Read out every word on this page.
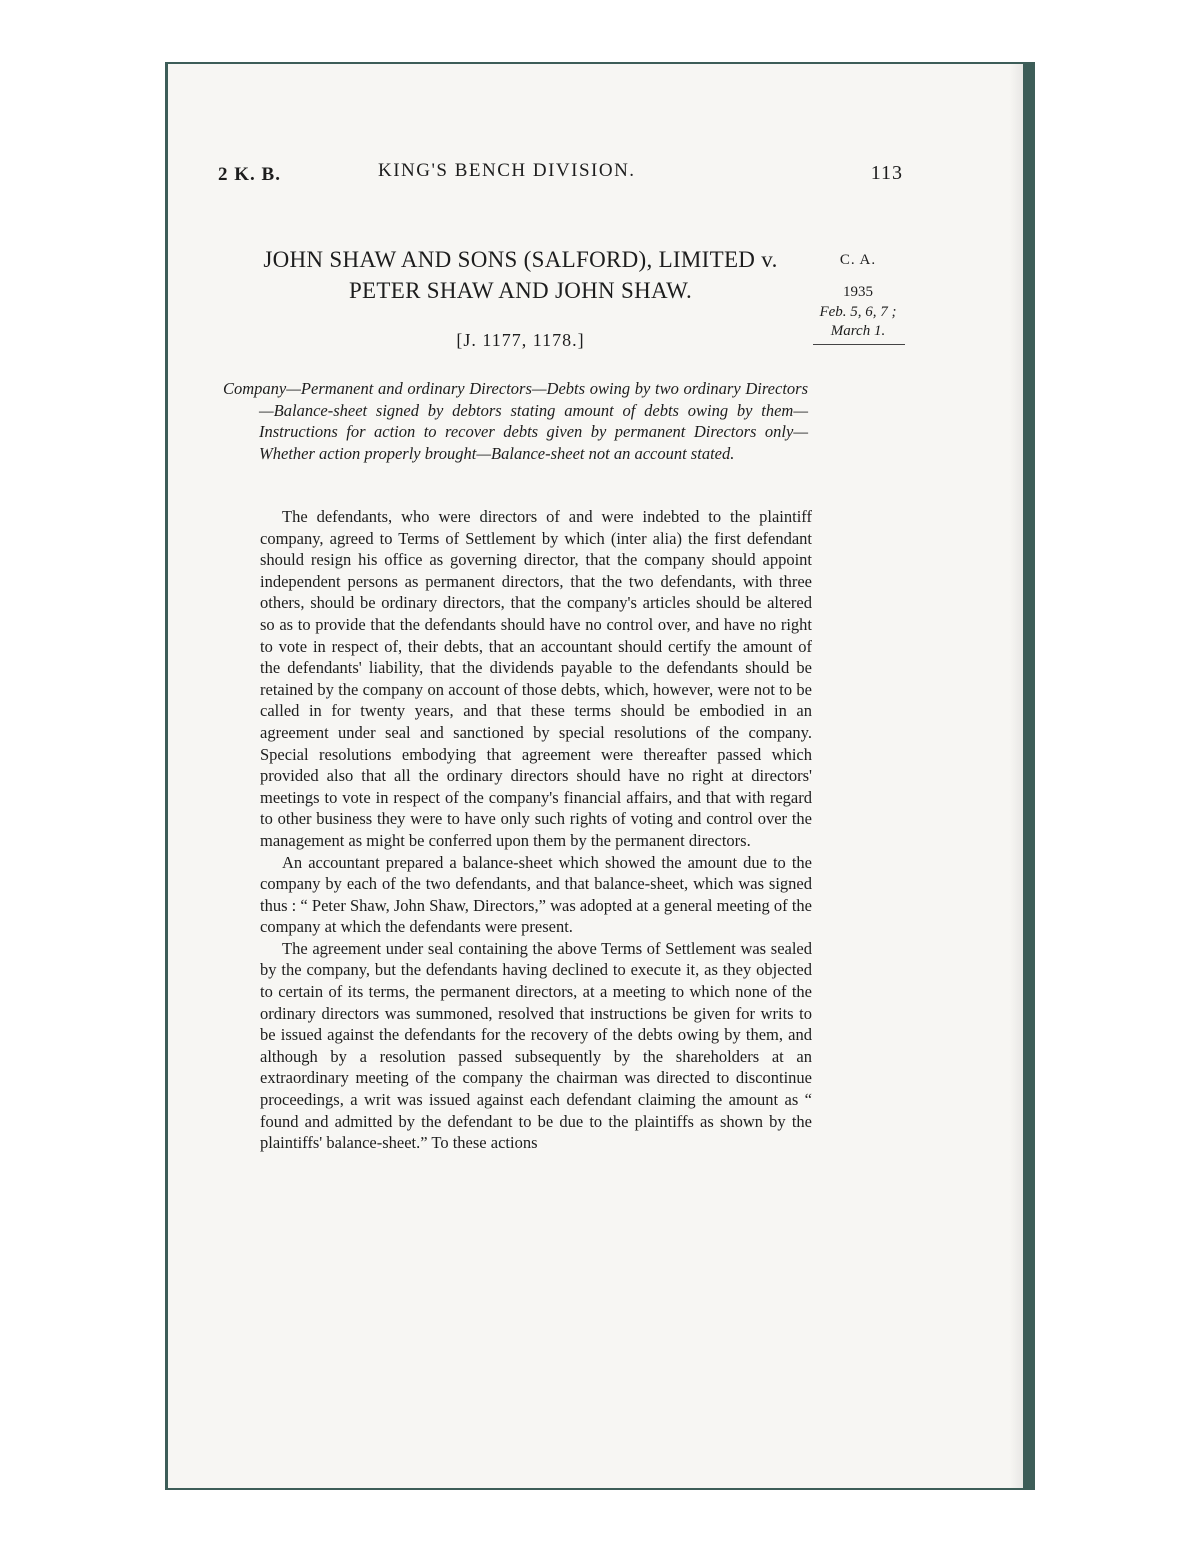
2 K. B.	KING'S BENCH DIVISION.	113
JOHN SHAW AND SONS (SALFORD), LIMITED v.
PETER SHAW AND JOHN SHAW.
[J. 1177, 1178.]
C. A.
1935
Feb. 5, 6, 7 ;
March 1.

Company—Permanent and ordinary Directors—Debts owing by two ordinary Directors—Balance-sheet signed by debtors stating amount of debts owing by them—Instructions for action to recover debts given by permanent Directors only—Whether action properly brought—Balance-sheet not an account stated.

The defendants, who were directors of and were indebted to the plaintiff company, agreed to Terms of Settlement by which (inter alia) the first defendant should resign his office as governing director, that the company should appoint independent persons as permanent directors, that the two defendants, with three others, should be ordinary directors, that the company's articles should be altered so as to provide that the defendants should have no control over, and have no right to vote in respect of, their debts, that an accountant should certify the amount of the defendants' liability, that the dividends payable to the defendants should be retained by the company on account of those debts, which, however, were not to be called in for twenty years, and that these terms should be embodied in an agreement under seal and sanctioned by special resolutions of the company. Special resolutions embodying that agreement were thereafter passed which provided also that all the ordinary directors should have no right at directors' meetings to vote in respect of the company's financial affairs, and that with regard to other business they were to have only such rights of voting and control over the management as might be conferred upon them by the permanent directors.

An accountant prepared a balance-sheet which showed the amount due to the company by each of the two defendants, and that balance-sheet, which was signed thus : “ Peter Shaw, John Shaw, Directors,” was adopted at a general meeting of the company at which the defendants were present.

The agreement under seal containing the above Terms of Settlement was sealed by the company, but the defendants having declined to execute it, as they objected to certain of its terms, the permanent directors, at a meeting to which none of the ordinary directors was summoned, resolved that instructions be given for writs to be issued against the defendants for the recovery of the debts owing by them, and although by a resolution passed subsequently by the shareholders at an extraordinary meeting of the company the chairman was directed to discontinue proceedings, a writ was issued against each defendant claiming the amount as “ found and admitted by the defendant to be due to the plaintiffs as shown by the plaintiffs' balance-sheet.” To these actions
